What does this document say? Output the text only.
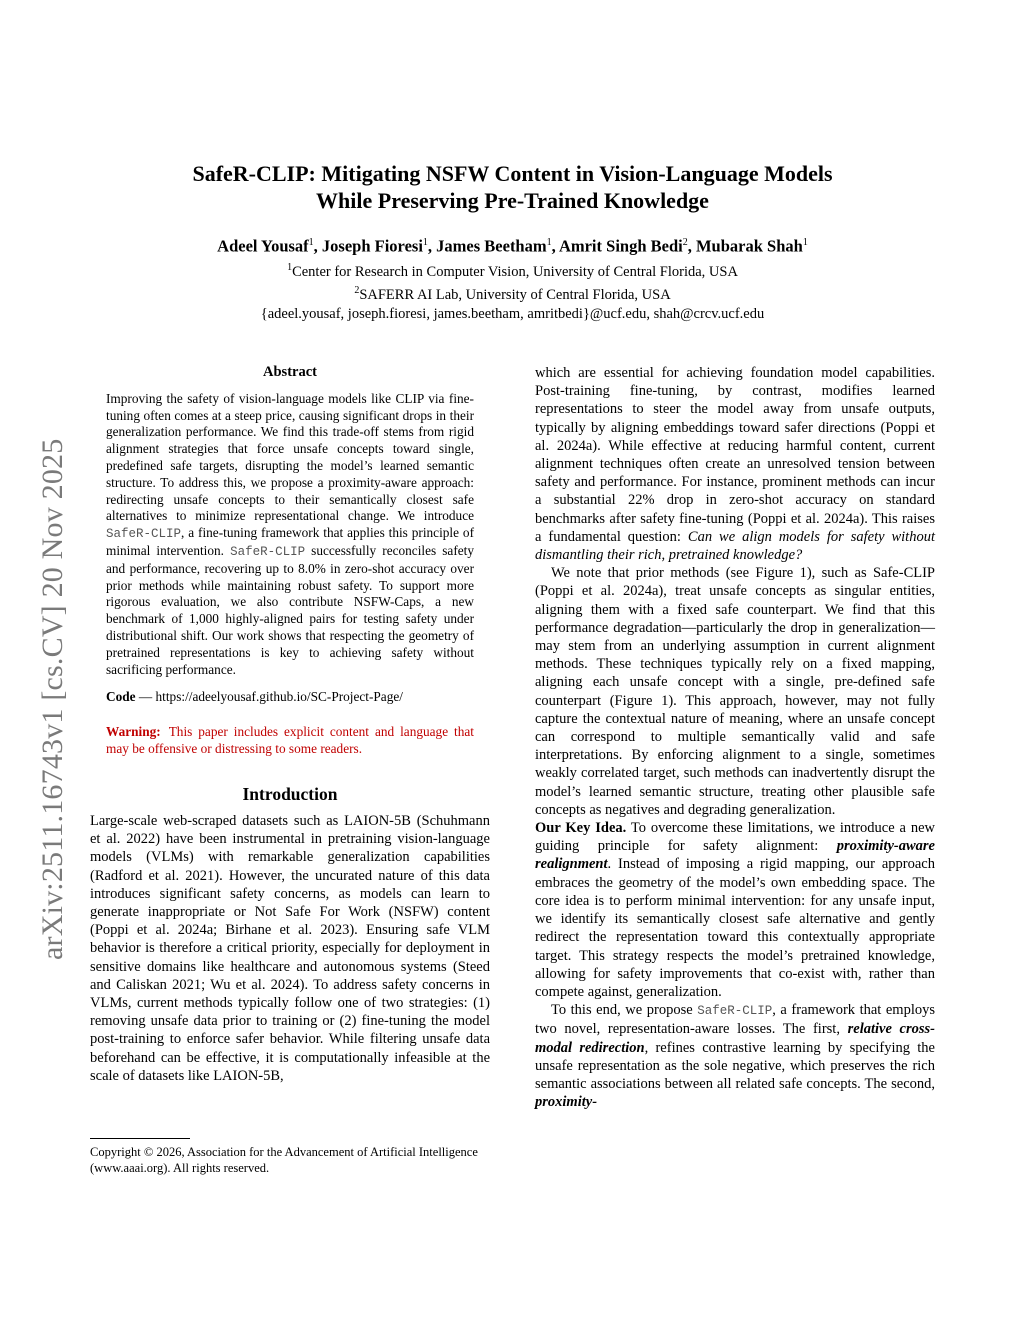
arXiv:2511.16743v1 [cs.CV] 20 Nov 2025
SafeR-CLIP: Mitigating NSFW Content in Vision-Language Models
While Preserving Pre-Trained Knowledge
Adeel Yousaf$^1$, Joseph Fioresi$^1$, James Beetham$^1$, Amrit Singh Bedi$^2$, Mubarak Shah$^1$
$^1$Center for Research in Computer Vision, University of Central Florida, USA
$^2$SAFERR AI Lab, University of Central Florida, USA
{adeel.yousaf, joseph.fioresi, james.beetham, amritbedi}@ucf.edu, shah@crcv.ucf.edu
Abstract

Improving the safety of vision-language models like CLIP via fine-tuning often comes at a steep price, causing significant drops in their generalization performance. We find this trade-off stems from rigid alignment strategies that force unsafe concepts toward single, predefined safe targets, disrupting the model’s learned semantic structure. To address this, we propose a proximity-aware approach: redirecting unsafe concepts to their semantically closest safe alternatives to minimize representational change. We introduce SafeR-CLIP, a fine-tuning framework that applies this principle of minimal intervention. SafeR-CLIP successfully reconciles safety and performance, recovering up to 8.0% in zero-shot accuracy over prior methods while maintaining robust safety. To support more rigorous evaluation, we also contribute NSFW-Caps, a new benchmark of 1,000 highly-aligned pairs for testing safety under distributional shift. Our work shows that respecting the geometry of pretrained representations is key to achieving safety without sacrificing performance.

Code — https://adeelyousaf.github.io/SC-Project-Page/

Warning: This paper includes explicit content and language that may be offensive or distressing to some readers.

Introduction

Large-scale web-scraped datasets such as LAION-5B (Schuhmann et al. 2022) have been instrumental in pretraining vision-language models (VLMs) with remarkable generalization capabilities (Radford et al. 2021). However, the uncurated nature of this data introduces significant safety concerns, as models can learn to generate inappropriate or Not Safe For Work (NSFW) content (Poppi et al. 2024a; Birhane et al. 2023). Ensuring safe VLM behavior is therefore a critical priority, especially for deployment in sensitive domains like healthcare and autonomous systems (Steed and Caliskan 2021; Wu et al. 2024). To address safety concerns in VLMs, current methods typically follow one of two strategies: (1) removing unsafe data prior to training or (2) fine-tuning the model post-training to enforce safer behavior. While filtering unsafe data beforehand can be effective, it is computationally infeasible at the scale of datasets like LAION-5B,

Copyright © 2026, Association for the Advancement of Artificial Intelligence (www.aaai.org). All rights reserved.

which are essential for achieving foundation model capabilities. Post-training fine-tuning, by contrast, modifies learned representations to steer the model away from unsafe outputs, typically by aligning embeddings toward safer directions (Poppi et al. 2024a). While effective at reducing harmful content, current alignment techniques often create an unresolved tension between safety and performance. For instance, prominent methods can incur a substantial 22% drop in zero-shot accuracy on standard benchmarks after safety fine-tuning (Poppi et al. 2024a). This raises a fundamental question: Can we align models for safety without dismantling their rich, pretrained knowledge?

We note that prior methods (see Figure 1), such as Safe-CLIP (Poppi et al. 2024a), treat unsafe concepts as singular entities, aligning them with a fixed safe counterpart. We find that this performance degradation—particularly the drop in generalization—may stem from an underlying assumption in current alignment methods. These techniques typically rely on a fixed mapping, aligning each unsafe concept with a single, pre-defined safe counterpart (Figure 1). This approach, however, may not fully capture the contextual nature of meaning, where an unsafe concept can correspond to multiple semantically valid and safe interpretations. By enforcing alignment to a single, sometimes weakly correlated target, such methods can inadvertently disrupt the model’s learned semantic structure, treating other plausible safe concepts as negatives and degrading generalization.

Our Key Idea. To overcome these limitations, we introduce a new guiding principle for safety alignment: proximity-aware realignment. Instead of imposing a rigid mapping, our approach embraces the geometry of the model’s own embedding space. The core idea is to perform minimal intervention: for any unsafe input, we identify its semantically closest safe alternative and gently redirect the representation toward this contextually appropriate target. This strategy respects the model’s pretrained knowledge, allowing for safety improvements that co-exist with, rather than compete against, generalization.

To this end, we propose SafeR-CLIP, a framework that employs two novel, representation-aware losses. The first, relative cross-modal redirection, refines contrastive learning by specifying the unsafe representation as the sole negative, which preserves the rich semantic associations between all related safe concepts. The second, proximity-
